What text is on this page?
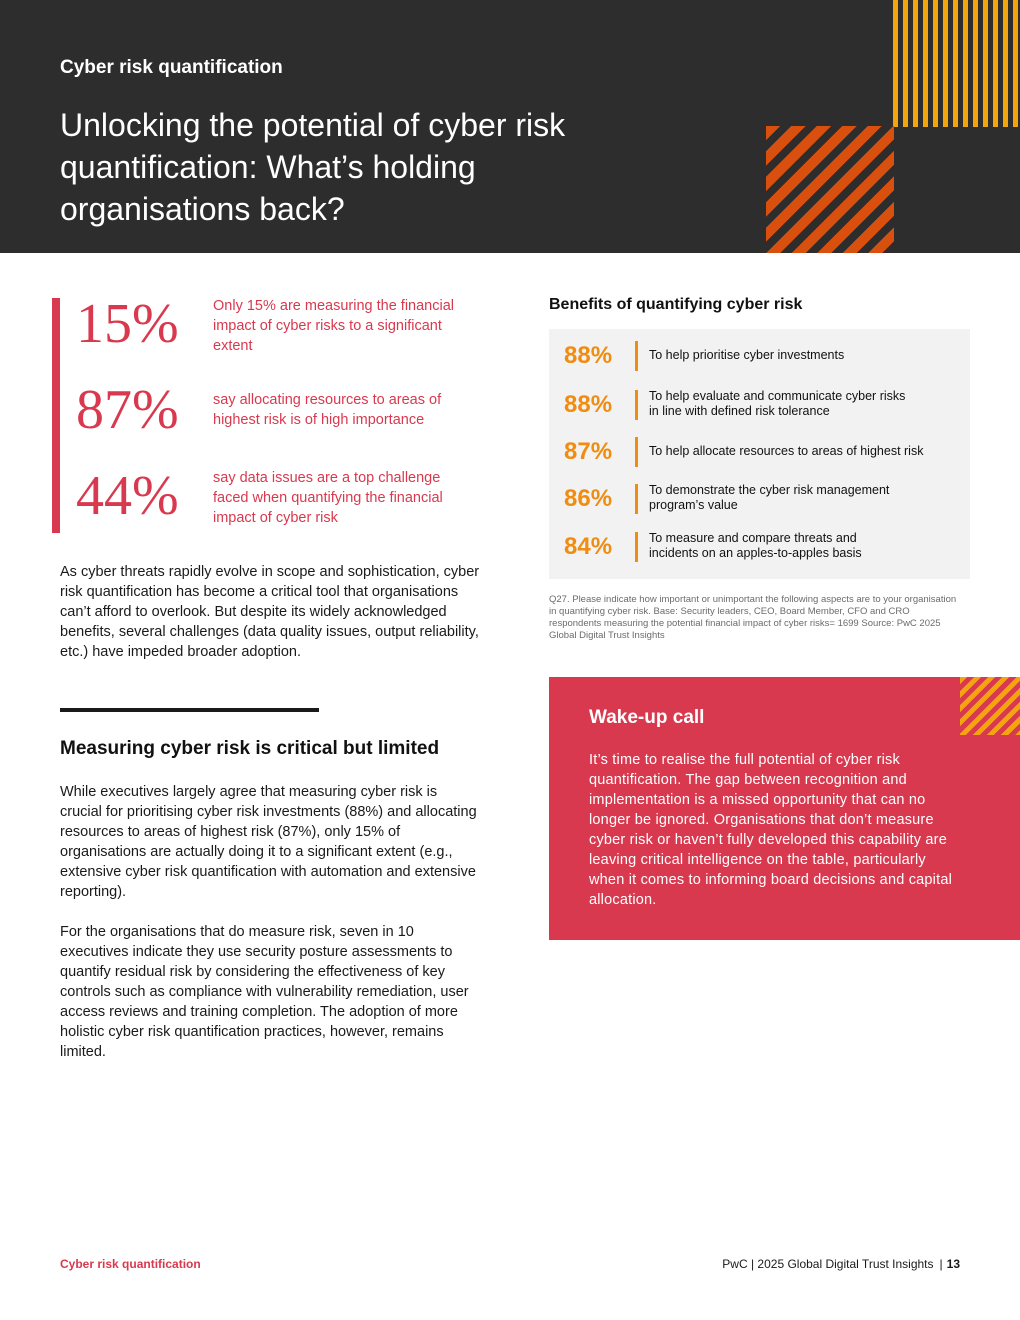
Cyber risk quantification
Unlocking the potential of cyber risk quantification: What’s holding organisations back?
15% Only 15% are measuring the financial impact of cyber risks to a significant extent
87% say allocating resources to areas of highest risk is of high importance
44% say data issues are a top challenge faced when quantifying the financial impact of cyber risk

As cyber threats rapidly evolve in scope and sophistication, cyber risk quantification has become a critical tool that organisations can’t afford to overlook. But despite its widely acknowledged benefits, several challenges (data quality issues, output reliability, etc.) have impeded broader adoption.

Measuring cyber risk is critical but limited

While executives largely agree that measuring cyber risk is crucial for prioritising cyber risk investments (88%) and allocating resources to areas of highest risk (87%), only 15% of organisations are actually doing it to a significant extent (e.g., extensive cyber risk quantification with automation and extensive reporting).

For the organisations that do measure risk, seven in 10 executives indicate they use security posture assessments to quantify residual risk by considering the effectiveness of key controls such as compliance with vulnerability remediation, user access reviews and training completion. The adoption of more holistic cyber risk quantification practices, however, remains limited.

Benefits of quantifying cyber risk
88%	To help prioritise cyber investments
88%	To help evaluate and communicate cyber risks in line with defined risk tolerance
87%	To help allocate resources to areas of highest risk
86%	To demonstrate the cyber risk management program’s value
84%	To measure and compare threats and incidents on an apples-to-apples basis

Q27. Please indicate how important or unimportant the following aspects are to your organisation in quantifying cyber risk. Base: Security leaders, CEO, Board Member, CFO and CRO respondents measuring the potential financial impact of cyber risks= 1699 Source: PwC 2025 Global Digital Trust Insights

Wake-up call

It’s time to realise the full potential of cyber risk quantification. The gap between recognition and implementation is a missed opportunity that can no longer be ignored. Organisations that don’t measure cyber risk or haven’t fully developed this capability are leaving critical intelligence on the table, particularly when it comes to informing board decisions and capital allocation.

Cyber risk quantification	PwC | 2025 Global Digital Trust Insights | 13
